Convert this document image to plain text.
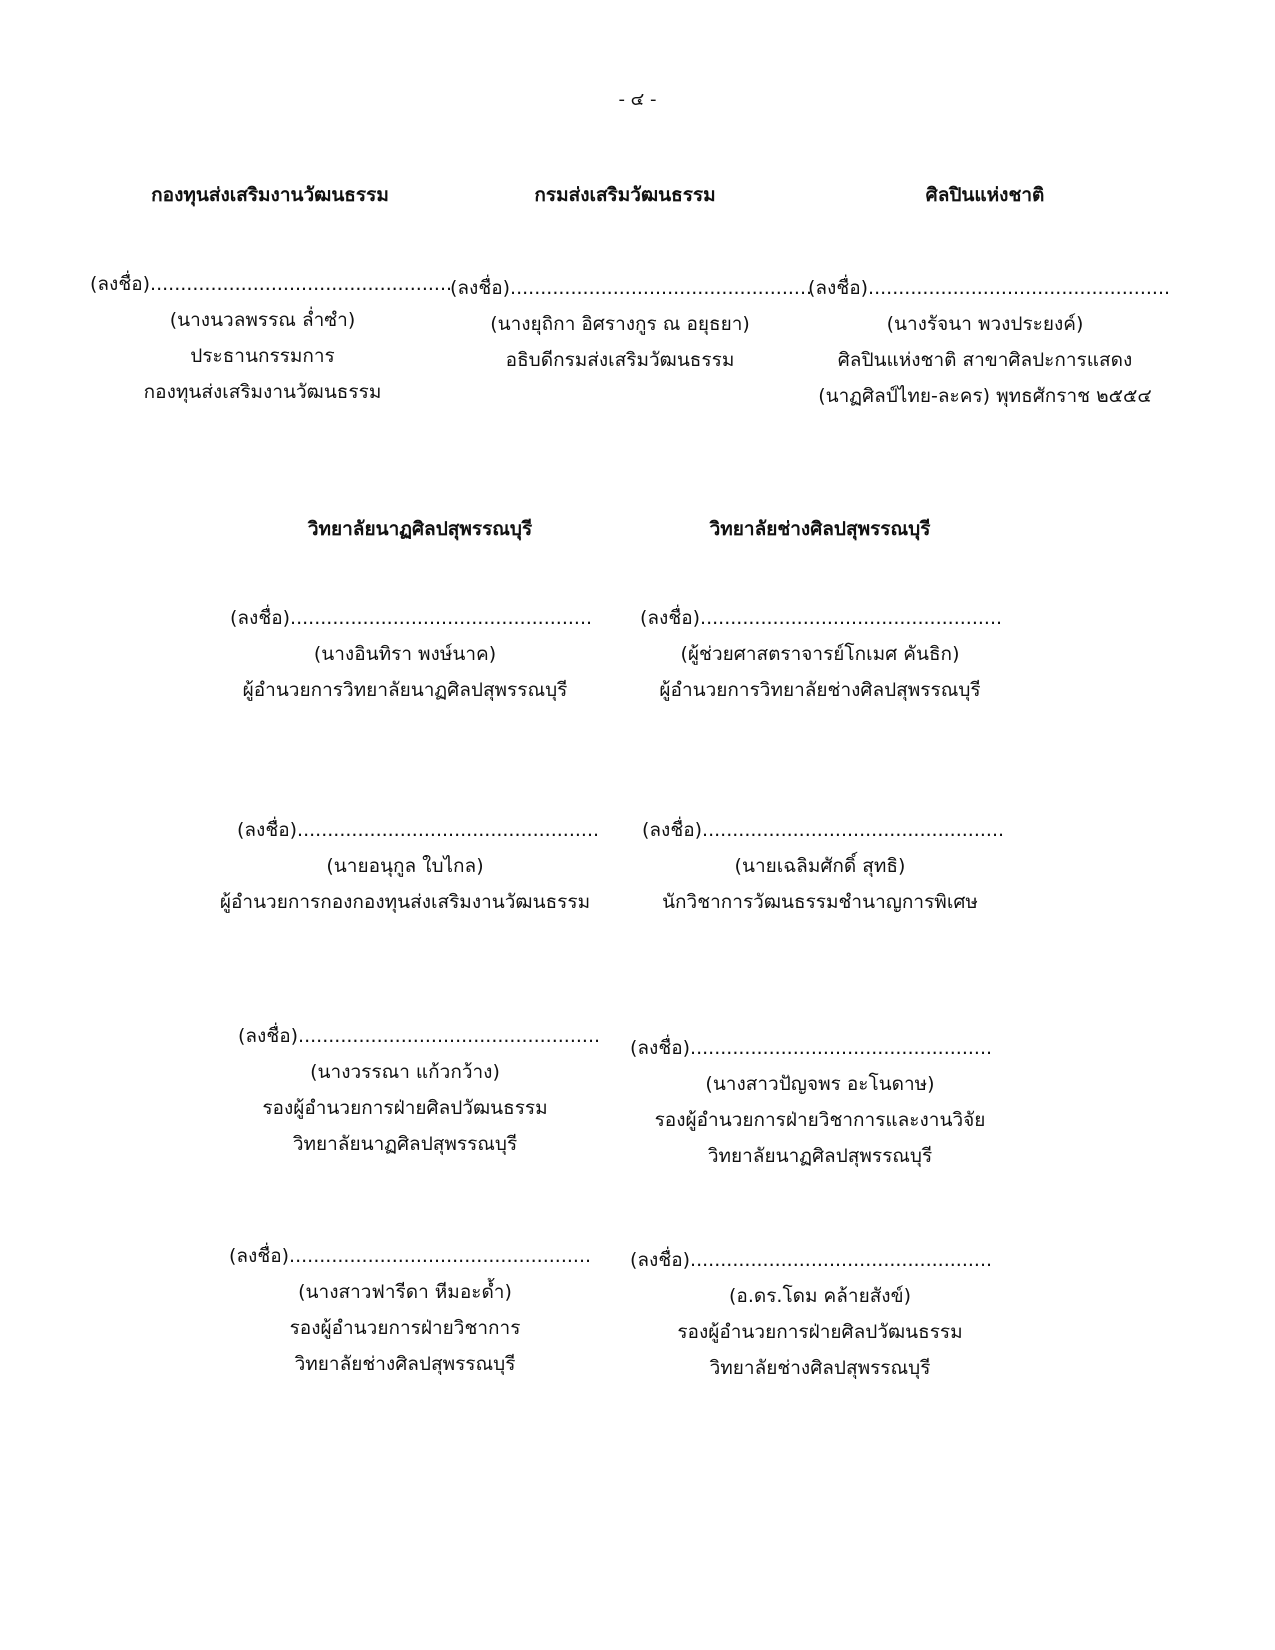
- ๔ -
กองทุนส่งเสริมงานวัฒนธรรม	กรมส่งเสริมวัฒนธรรม	ศิลปินแห่งชาติ
(ลงชื่อ)..................................................
(นางนวลพรรณ ล่ำซำ)
ประธานกรรมการ
กองทุนส่งเสริมงานวัฒนธรรม
(ลงชื่อ)..................................................
(นางยุถิกา อิศรางกูร ณ อยุธยา)
อธิบดีกรมส่งเสริมวัฒนธรรม
(ลงชื่อ)..................................................
(นางรัจนา พวงประยงค์)
ศิลปินแห่งชาติ สาขาศิลปะการแสดง
(นาฏศิลป์ไทย-ละคร) พุทธศักราช ๒๕๕๔
วิทยาลัยนาฏศิลปสุพรรณบุรี	วิทยาลัยช่างศิลปสุพรรณบุรี
(ลงชื่อ)..................................................
(นางอินทิรา พงษ์นาค)
ผู้อำนวยการวิทยาลัยนาฏศิลปสุพรรณบุรี
(ลงชื่อ)..................................................
(ผู้ช่วยศาสตราจารย์โกเมศ คันธิก)
ผู้อำนวยการวิทยาลัยช่างศิลปสุพรรณบุรี
(ลงชื่อ)..................................................
(นายอนุกูล ใบไกล)
ผู้อำนวยการกองกองทุนส่งเสริมงานวัฒนธรรม
(ลงชื่อ)..................................................
(นายเฉลิมศักดิ์ สุทธิ)
นักวิชาการวัฒนธรรมชำนาญการพิเศษ
(ลงชื่อ)..................................................
(นางวรรณา แก้วกว้าง)
รองผู้อำนวยการฝ่ายศิลปวัฒนธรรม
วิทยาลัยนาฏศิลปสุพรรณบุรี
(ลงชื่อ)..................................................
(นางสาวปัญจพร อะโนดาษ)
รองผู้อำนวยการฝ่ายวิชาการและงานวิจัย
วิทยาลัยนาฏศิลปสุพรรณบุรี
(ลงชื่อ)..................................................
(นางสาวฟารีดา หีมอะด้ำ)
รองผู้อำนวยการฝ่ายวิชาการ
วิทยาลัยช่างศิลปสุพรรณบุรี
(ลงชื่อ)..................................................
(อ.ดร.โดม คล้ายสังข์)
รองผู้อำนวยการฝ่ายศิลปวัฒนธรรม
วิทยาลัยช่างศิลปสุพรรณบุรี
